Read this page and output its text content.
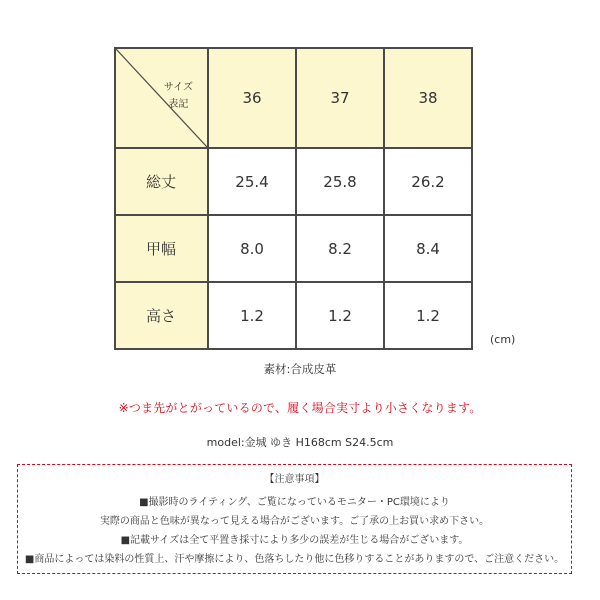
サイズ
表記	36	37	38
総丈	25.4	25.8	26.2
甲幅	8.0	8.2	8.4
高さ	1.2	1.2	1.2
(cm)
素材:合成皮革
※つま先がとがっているので、履く場合実寸より小さくなります。
model:金城 ゆき H168cm S24.5cm
【注意事項】
■撮影時のライティング、ご覧になっているモニター・PC環境により
実際の商品と色味が異なって見える場合がございます。ご了承の上お買い求め下さい。
■記載サイズは全て平置き採寸により多少の誤差が生じる場合がございます。
■商品によっては染料の性質上、汗や摩擦により、色落ちしたり他に色移りすることがありますので、ご注意ください。
